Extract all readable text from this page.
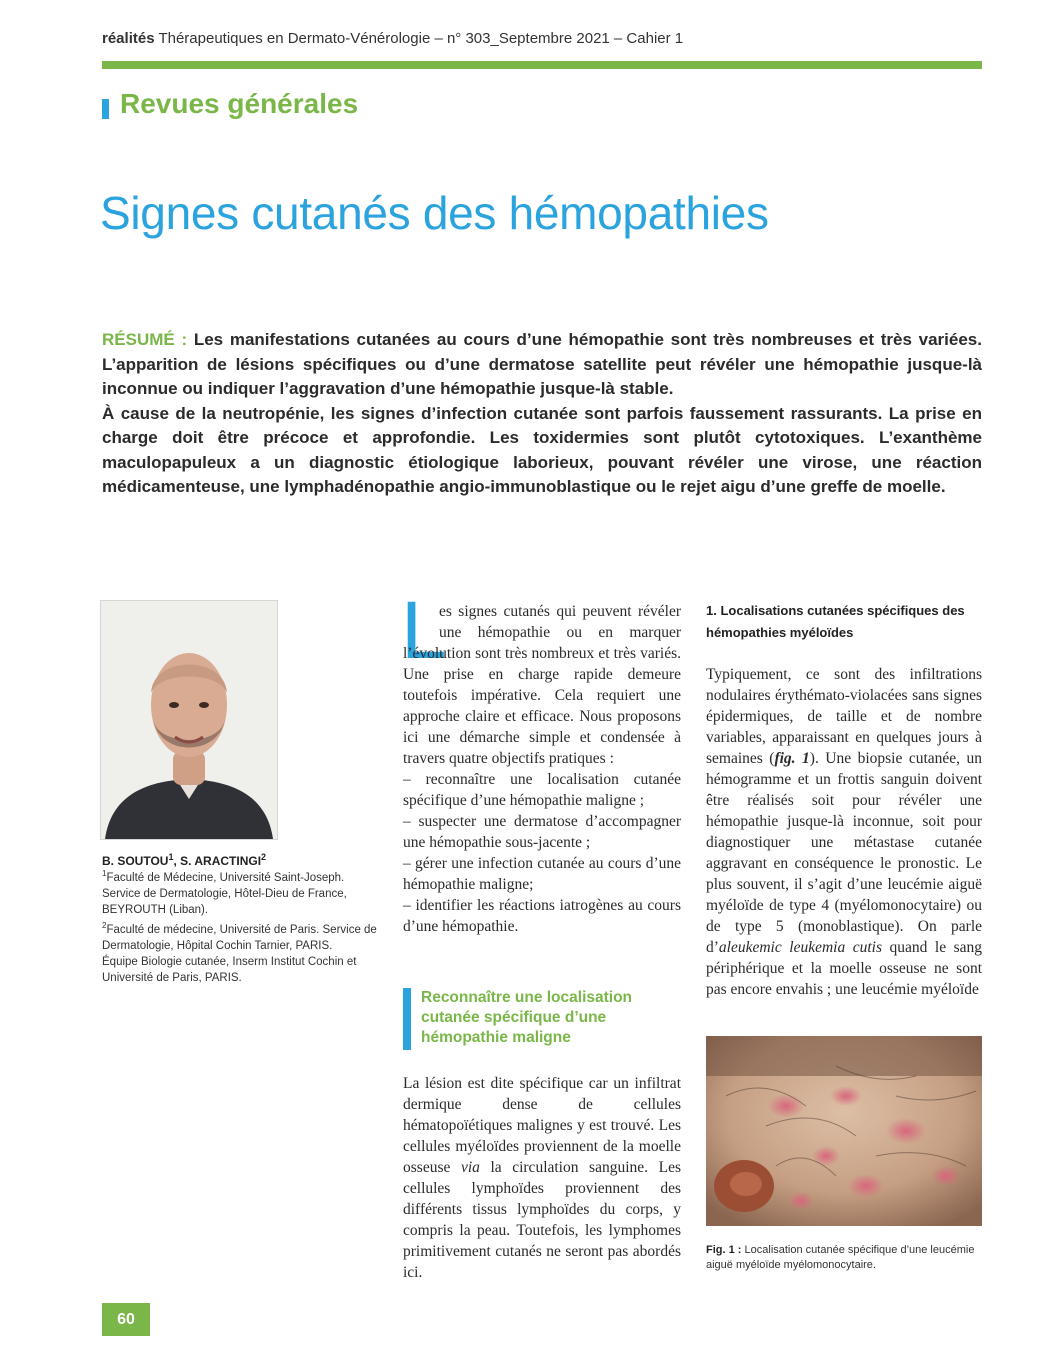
réalités Thérapeutiques en Dermato-Vénérologie – n° 303_Septembre 2021 – Cahier 1
Revues générales
Signes cutanés des hémopathies

RÉSUMÉ : Les manifestations cutanées au cours d’une hémopathie sont très nombreuses et très variées. L’apparition de lésions spécifiques ou d’une dermatose satellite peut révéler une hémopathie jusque-là inconnue ou indiquer l’aggravation d’une hémopathie jusque-là stable.

À cause de la neutropénie, les signes d’infection cutanée sont parfois faussement rassurants. La prise en charge doit être précoce et approfondie. Les toxidermies sont plutôt cytotoxiques. L’exanthème maculopapuleux a un diagnostic étiologique laborieux, pouvant révéler une virose, une réaction médicamenteuse, une lymphadénopathie angio-immunoblastique ou le rejet aigu d’une greffe de moelle.

B. SOUTOU$^1$, S. ARACTINGI$^2$

$^1$Faculté de Médecine, Université Saint-Joseph. Service de Dermatologie, Hôtel-Dieu de France, BEYROUTH (Liban).

$^2$Faculté de médecine, Université de Paris. Service de Dermatologie, Hôpital Cochin Tarnier, PARIS.

Équipe Biologie cutanée, Inserm Institut Cochin et Université de Paris, PARIS.

L

es signes cutanés qui peuvent révéler une hémopathie ou en marquer l’évolution sont très nombreux et très variés. Une prise en charge rapide demeure toutefois impérative. Cela requiert une approche claire et efficace. Nous proposons ici une démarche simple et condensée à travers quatre objectifs pratiques :

– reconnaître une localisation cutanée spécifique d’une hémopathie maligne ;

– suspecter une dermatose d’accompagner une hémopathie sous-jacente ;

– gérer une infection cutanée au cours d’une hémopathie maligne;

– identifier les réactions iatrogènes au cours d’une hémopathie.

Reconnaître une localisation cutanée spécifique d’une hémopathie maligne

La lésion est dite spécifique car un infiltrat dermique dense de cellules hématopoïétiques malignes y est trouvé. Les cellules myéloïdes proviennent de la moelle osseuse via la circulation sanguine. Les cellules lymphoïdes proviennent des différents tissus lymphoïdes du corps, y compris la peau. Toutefois, les lymphomes primitivement cutanés ne seront pas abordés ici.

1. Localisations cutanées spécifiques des hémopathies myéloïdes

Typiquement, ce sont des infiltrations nodulaires érythémato-violacées sans signes épidermiques, de taille et de nombre variables, apparaissant en quelques jours à semaines (fig. 1). Une biopsie cutanée, un hémogramme et un frottis sanguin doivent être réalisés soit pour révéler une hémopathie jusque-là inconnue, soit pour diagnostiquer une métastase cutanée aggravant en conséquence le pronostic. Le plus souvent, il s’agit d’une leucémie aiguë myéloïde de type 4 (myélomonocytaire) ou de type 5 (monoblastique). On parle d’aleukemic leukemia cutis quand le sang périphérique et la moelle osseuse ne sont pas encore envahis ; une leucémie myéloïde

Fig. 1 : Localisation cutanée spécifique d’une leucémie aiguë myéloïde myélomonocytaire.
60
